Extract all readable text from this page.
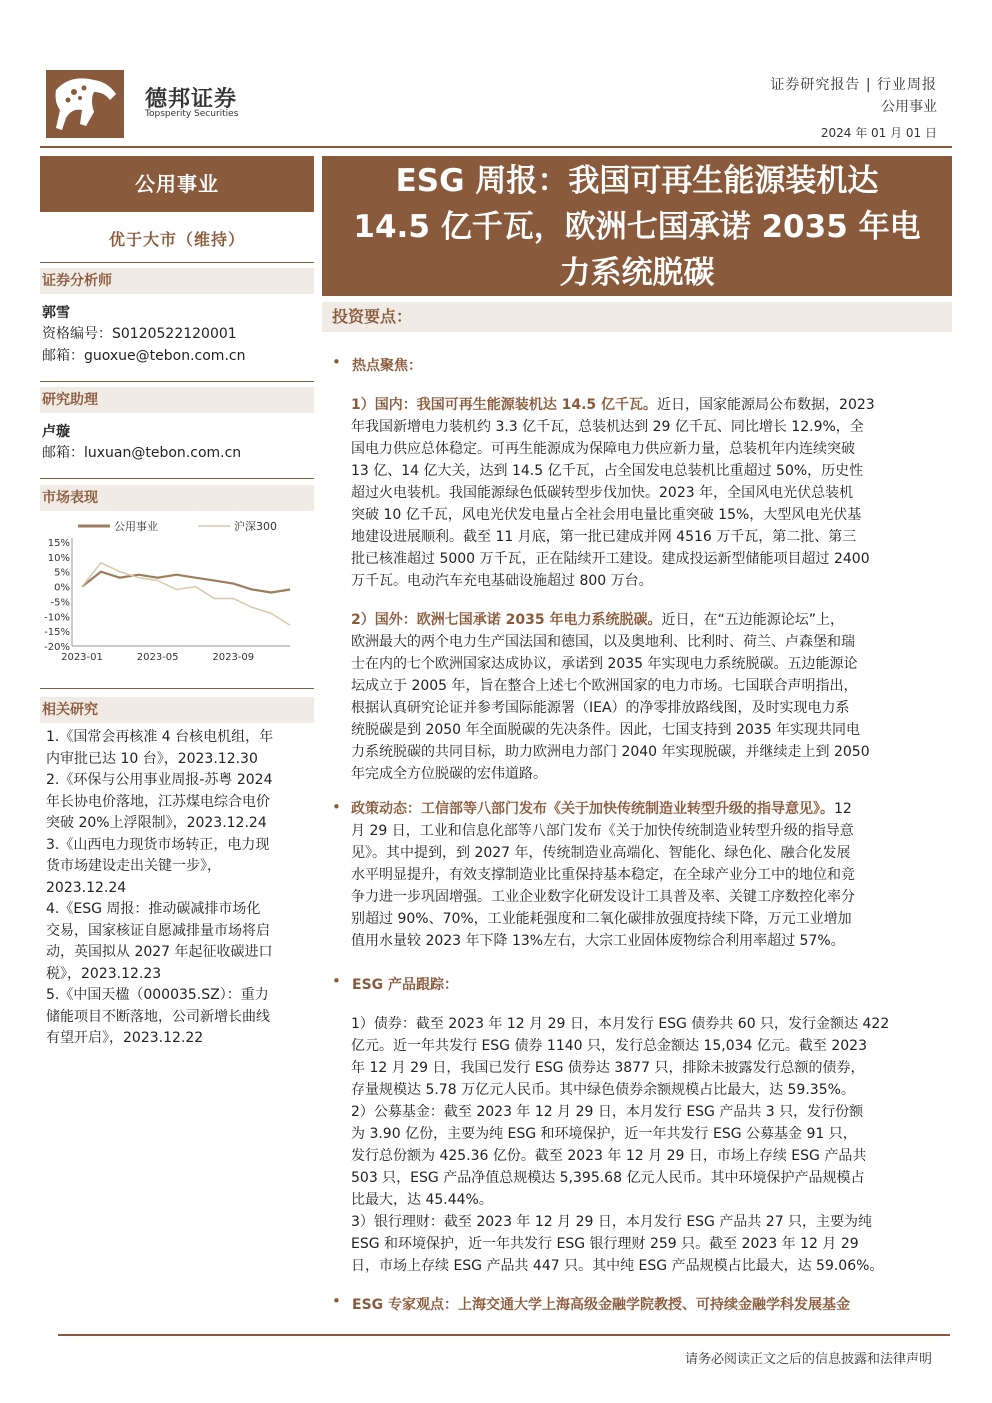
德邦证券
Topsperity Securities
证券研究报告 | 行业周报
公用事业
2024 年 01 月 01 日
公用事业
优于大市（维持）
证券分析师
郭雪
资格编号：S0120522120001
邮箱：guoxue@tebon.com.cn
研究助理
卢璇
邮箱：luxuan@tebon.com.cn
市场表现
公用事业	沪深300
15%
10%
5%
0%
-5%
-10%
-15%
-20%
2023-01	2023-05	2023-09
相关研究
1.《国常会再核准 4 台核电机组，年
内审批已达 10 台》，2023.12.30
2.《环保与公用事业周报-苏粤 2024
年长协电价落地，江苏煤电综合电价
突破 20%上浮限制》，2023.12.24
3.《山西电力现货市场转正，电力现
货市场建设走出关键一步》，
2023.12.24
4.《ESG 周报：推动碳减排市场化
交易，国家核证自愿减排量市场将启
动，英国拟从 2027 年起征收碳进口
税》，2023.12.23
5.《中国天楹（000035.SZ）：重力
储能项目不断落地，公司新增长曲线
有望开启》，2023.12.22
ESG 周报：我国可再生能源装机达
14.5 亿千瓦，欧洲七国承诺 2035 年电
力系统脱碳
投资要点：
• 热点聚焦：
1）国内：我国可再生能源装机达 14.5 亿千瓦。近日，国家能源局公布数据，2023
年我国新增电力装机约 3.3 亿千瓦，总装机达到 29 亿千瓦、同比增长 12.9%，全
国电力供应总体稳定。可再生能源成为保障电力供应新力量，总装机年内连续突破
13 亿、14 亿大关，达到 14.5 亿千瓦，占全国发电总装机比重超过 50%，历史性
超过火电装机。我国能源绿色低碳转型步伐加快。2023 年，全国风电光伏总装机
突破 10 亿千瓦，风电光伏发电量占全社会用电量比重突破 15%，大型风电光伏基
地建设进展顺利。截至 11 月底，第一批已建成并网 4516 万千瓦，第二批、第三
批已核准超过 5000 万千瓦，正在陆续开工建设。建成投运新型储能项目超过 2400
万千瓦。电动汽车充电基础设施超过 800 万台。
2）国外：欧洲七国承诺 2035 年电力系统脱碳。近日，在“五边能源论坛”上，
欧洲最大的两个电力生产国法国和德国，以及奥地利、比利时、荷兰、卢森堡和瑞
士在内的七个欧洲国家达成协议，承诺到 2035 年实现电力系统脱碳。五边能源论
坛成立于 2005 年，旨在整合上述七个欧洲国家的电力市场。七国联合声明指出，
根据认真研究论证并参考国际能源署（IEA）的净零排放路线图，及时实现电力系
统脱碳是到 2050 年全面脱碳的先决条件。因此，七国支持到 2035 年实现共同电
力系统脱碳的共同目标，助力欧洲电力部门 2040 年实现脱碳，并继续走上到 2050
年完成全方位脱碳的宏伟道路。
• 政策动态：工信部等八部门发布《关于加快传统制造业转型升级的指导意见》。12
月 29 日，工业和信息化部等八部门发布《关于加快传统制造业转型升级的指导意
见》。其中提到，到 2027 年，传统制造业高端化、智能化、绿色化、融合化发展
水平明显提升，有效支撑制造业比重保持基本稳定，在全球产业分工中的地位和竞
争力进一步巩固增强。工业企业数字化研发设计工具普及率、关键工序数控化率分
别超过 90%、70%，工业能耗强度和二氧化碳排放强度持续下降，万元工业增加
值用水量较 2023 年下降 13%左右，大宗工业固体废物综合利用率超过 57%。
• ESG 产品跟踪：
1）债券：截至 2023 年 12 月 29 日，本月发行 ESG 债券共 60 只，发行金额达 422
亿元。近一年共发行 ESG 债券 1140 只，发行总金额达 15,034 亿元。截至 2023
年 12 月 29 日，我国已发行 ESG 债券达 3877 只，排除未披露发行总额的债券，
存量规模达 5.78 万亿元人民币。其中绿色债券余额规模占比最大，达 59.35%。
2）公募基金：截至 2023 年 12 月 29 日，本月发行 ESG 产品共 3 只，发行份额
为 3.90 亿份，主要为纯 ESG 和环境保护，近一年共发行 ESG 公募基金 91 只，
发行总份额为 425.36 亿份。截至 2023 年 12 月 29 日，市场上存续 ESG 产品共
503 只，ESG 产品净值总规模达 5,395.68 亿元人民币。其中环境保护产品规模占
比最大，达 45.44%。
3）银行理财：截至 2023 年 12 月 29 日，本月发行 ESG 产品共 27 只，主要为纯
ESG 和环境保护，近一年共发行 ESG 银行理财 259 只。截至 2023 年 12 月 29
日，市场上存续 ESG 产品共 447 只。其中纯 ESG 产品规模占比最大，达 59.06%。
• ESG 专家观点：上海交通大学上海高级金融学院教授、可持续金融学科发展基金
请务必阅读正文之后的信息披露和法律声明
